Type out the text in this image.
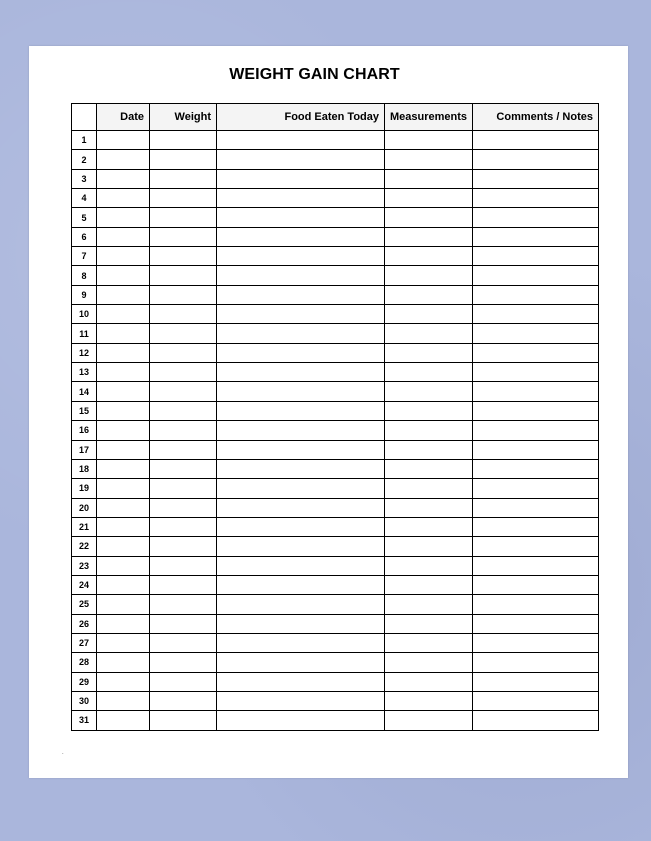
WEIGHT GAIN CHART
	Date	Weight	Food Eaten Today	Measurements	Comments / Notes
1					
2					
3					
4					
5					
6					
7					
8					
9					
10					
11					
12					
13					
14					
15					
16					
17					
18					
19					
20					
21					
22					
23					
24					
25					
26					
27					
28					
29					
30					
31					
.
